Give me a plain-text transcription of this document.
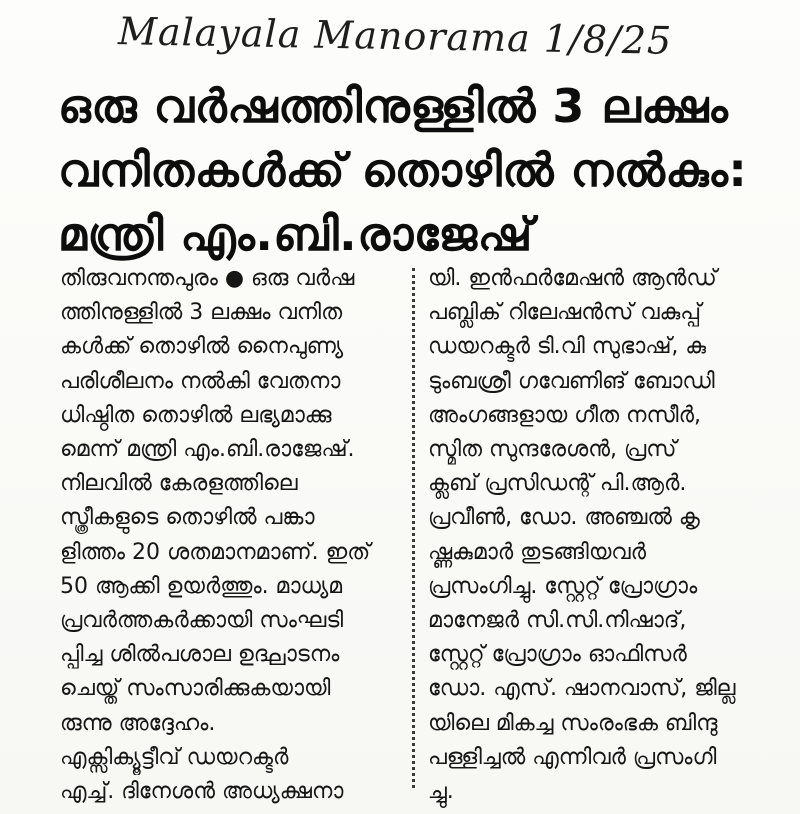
Malayala Manorama 1/8/25
ഒരു വർഷത്തിനുള്ളിൽ 3 ലക്ഷം
വനിതകൾക്ക് തൊഴിൽ നൽകും:
മന്ത്രി എം.ബി.രാജേഷ്
തിരുവനന്തപുരം ● ഒരു വർഷ
ത്തിനുള്ളിൽ 3 ലക്ഷം വനിത
കൾക്ക് തൊഴിൽ നൈപുണ്യ
പരിശീലനം നൽകി വേതനാ
ധിഷ്ഠിത തൊഴിൽ ലഭ്യമാക്കു
മെന്ന് മന്ത്രി എം.ബി.രാജേഷ്.
നിലവിൽ കേരളത്തിലെ
സ്ത്രീകളുടെ തൊഴിൽ പങ്കാ
ളിത്തം 20 ശതമാനമാണ്. ഇത്
50 ആക്കി ഉയർത്തും. മാധ്യമ
പ്രവർത്തകർക്കായി സംഘടി
പ്പിച്ച ശിൽപശാല ഉദ്ഘാടനം
ചെയ്ത് സംസാരിക്കുകയായി
രുന്നു അദ്ദേഹം.
എക്സിക്യൂട്ടീവ് ഡയറക്ടർ
എച്ച്. ദിനേശൻ അധ്യക്ഷനാ
യി. ഇൻഫർമേഷൻ ആൻഡ്
പബ്ലിക് റിലേഷൻസ് വകുപ്പ്
ഡയറക്ടർ ടി.വി സുഭാഷ്, കു
ടുംബശ്രീ ഗവേണിങ് ബോഡി
അംഗങ്ങളായ ഗീത നസീർ,
സ്മിത സുന്ദരേശൻ, പ്രസ്
ക്ലബ് പ്രസിഡന്റ് പി.ആർ.
പ്രവീൺ, ഡോ. അഞ്ചൽ കൃ
ഷ്ണകുമാർ തുടങ്ങിയവർ
പ്രസംഗിച്ചു. സ്റ്റേറ്റ് പ്രോഗ്രാം
മാനേജർ സി.സി.നിഷാദ്,
സ്റ്റേറ്റ് പ്രോഗ്രാം ഓഫിസർ
ഡോ. എസ്. ഷാനവാസ്, ജില്ല
യിലെ മികച്ച സംരംഭക ബിന്ദു
പള്ളിച്ചൽ എന്നിവർ പ്രസംഗി
ച്ചു.
